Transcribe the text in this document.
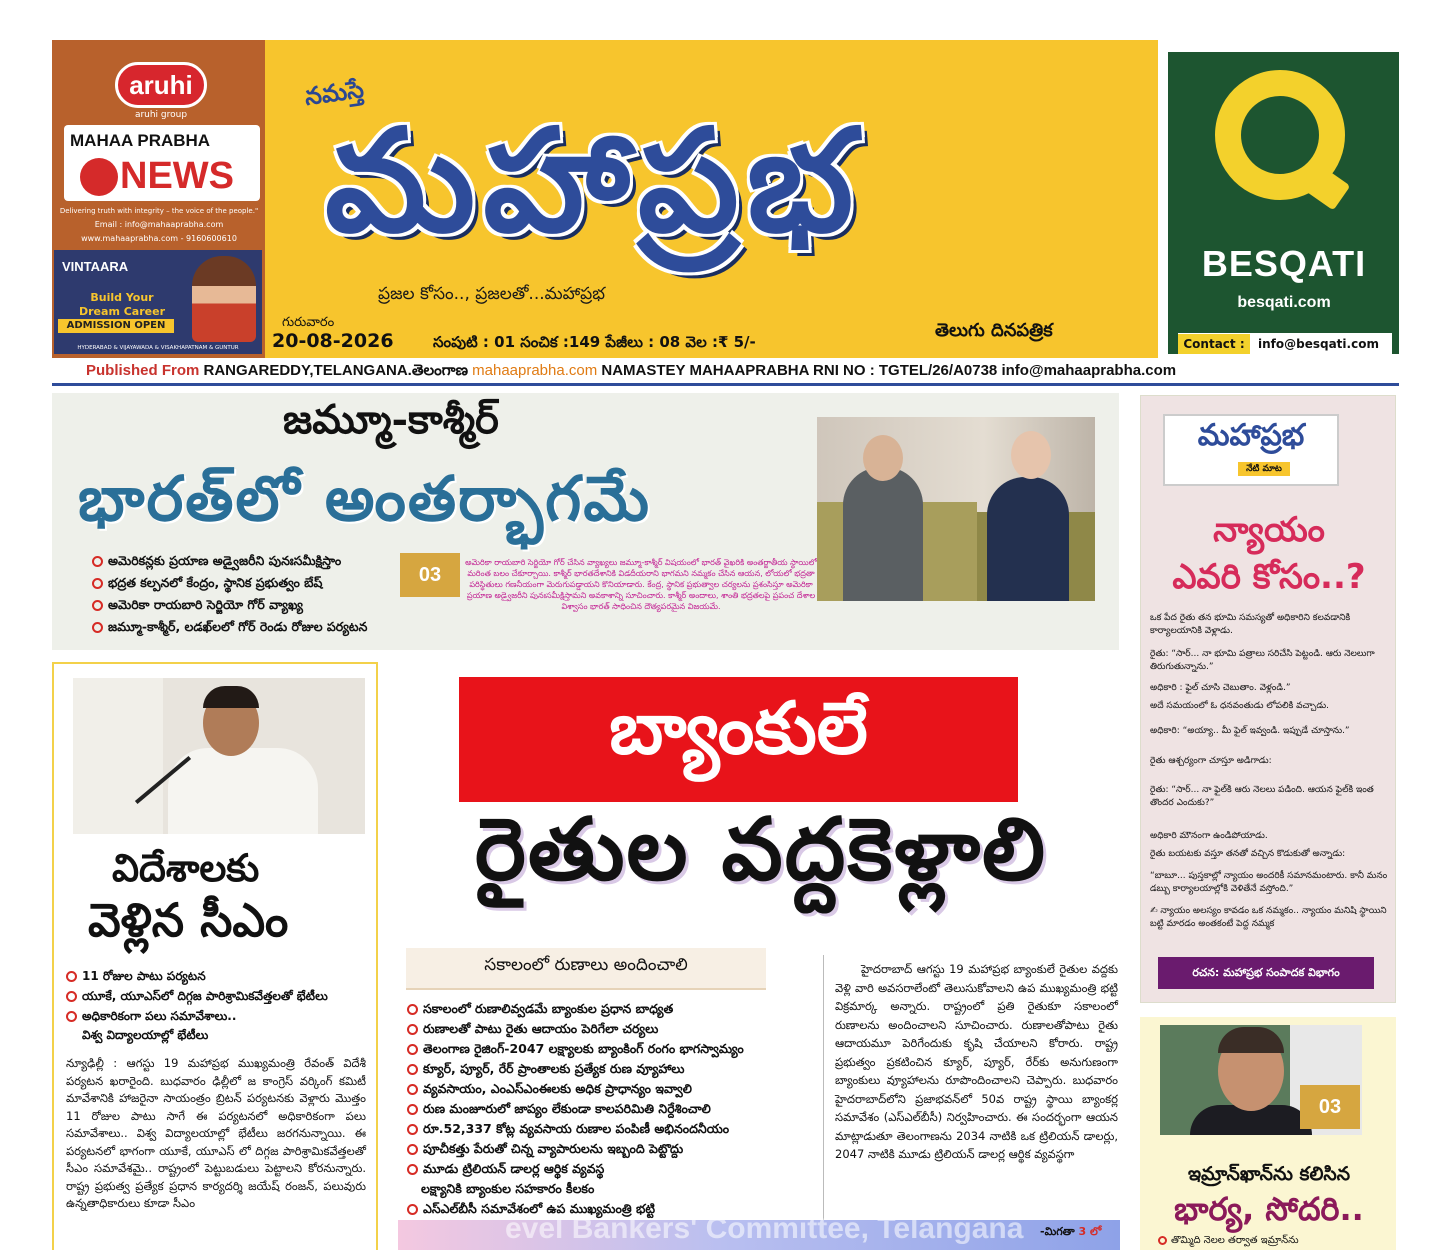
aruhi
aruhi group
MAHAA PRABHA
NEWS
Delivering truth with integrity – the voice of the people."
Email : info@mahaaprabha.com
www.mahaaprabha.com - 9160600610
VINTAARA
Build Your
Dream Career
ADMISSION OPEN
HYDERABAD & VIJAYAWADA & VISAKHAPATNAM & GUNTUR
నమస్తే
మహాప్రభ
ప్రజల కోసం.., ప్రజలతో...మహాప్రభ
గురువారం
20-08-2026	సంపుటి : 01 సంచిక :149 పేజీలు : 08 వెల :₹ 5/-
తెలుగు దినపత్రిక
BESQATI
besqati.com
Contact :	info@besqati.com
Published From RANGAREDDY,TELANGANA.తెలంగాణ mahaaprabha.com NAMASTEY MAHAAPRABHA RNI NO : TGTEL/26/A0738 info@mahaaprabha.com
జమ్మూ-కాశ్మీర్
భారత్‌లో అంతర్భాగమే
అమెరికన్లకు ప్రయాణ అడ్వైజరీని పునఃసమీక్షిస్తాం
భద్రత కల్పనలో కేంద్రం, స్థానిక ప్రభుత్వం బేష్
అమెరికా రాయబారి సెర్జియో గోర్ వ్యాఖ్య
జమ్మూ-కాశ్మీర్, లడఖ్‌లలో గోర్ రెండు రోజుల పర్యటన
03
అమెరికా రాయబారి సెర్జియో గోర్ చేసిన వ్యాఖ్యలు జమ్మూ-కాశ్మీర్ విషయంలో భారత్ వైఖరికి అంతర్జాతీయ స్థాయిలో మరింత బలం చేకూర్చాయి. కాశ్మీర్ భారతదేశానికి విడదీయరాని భాగమని నమ్మకం చేసిన ఆయన, లోయలో భద్రతా పరిస్థితులు గణనీయంగా మెరుగుపడ్డాయని కొనియాడారు. కేంద్ర, స్థానిక ప్రభుత్వాల చర్యలను ప్రశంసిస్తూ అమెరికా ప్రయాణ అడ్వైజరీని పునఃసమీక్షిస్తామని అవకాశాన్ని సూచించారు. కాశ్మీర్ అందాలు, శాంతి భద్రతలపై ప్రపంచ దేశాల విశ్వాసం భారత్ సాధించిన దౌత్యపరమైన విజయమే.
మహాప్రభ
నేటి మాట
న్యాయం
ఎవరి కోసం..?
ఒక పేద రైతు తన భూమి సమస్యతో అధికారిని కలవడానికి కార్యాలయానికి వెళ్లాడు.
రైతు: “సార్... నా భూమి పత్రాలు సరిచేసి పెట్టండి. ఆరు నెలలుగా తిరుగుతున్నాను.”
అధికారి : ఫైల్ చూసి చెబుతాం. వెళ్లండి.”
అదే సమయంలో ఓ ధనవంతుడు లోపలికి వచ్చాడు.
అధికారి: “అయ్యా.. మీ ఫైల్ ఇవ్వండి. ఇప్పుడే చూస్తాను.”
రైతు ఆశ్చర్యంగా చూస్తూ అడిగాడు:
రైతు: “సార్... నా ఫైల్‌కి ఆరు నెలలు పడింది. ఆయన ఫైల్‌కి ఇంత తొందర ఎందుకు?”
అధికారి మౌనంగా ఉండిపోయాడు.
రైతు బయటకు వస్తూ తనతో వచ్చిన కొడుకుతో అన్నాడు:
“బాబూ... పుస్తకాల్లో న్యాయం అందరికీ సమానమంటారు. కానీ మనం డబ్బు కార్యాలయాల్లోకి వెళితేనే వస్తోంది.”
✍ న్యాయం అలస్యం కావడం ఒక నమ్మకం.. న్యాయం మనిషి స్థాయిని బట్టి మారడం అంతకంటే పెద్ద నమ్మక
రచన: మహాప్రభ సంపాదక విభాగం
విదేశాలకు
వెళ్లిన సీఎం
11 రోజుల పాటు పర్యటన
యూకే, యూఎస్‌లో దిగ్గజ పారిశ్రామికవేత్తలతో భేటీలు
అధికారికంగా పలు సమావేశాలు..
విశ్వ విద్యాలయాల్లో భేటీలు
న్యూఢిల్లీ : ఆగస్టు 19 మహాప్రభ ముఖ్యమంత్రి రేవంత్ విదేశీ పర్యటన ఖరారైంది. బుధవారం ఢిల్లీలో జ కాంగ్రెస్ వర్కింగ్ కమిటీ మావేశానికి హాజరైనా సాయంత్రం బ్రిటన్ పర్యటనకు వెళ్లారు మొత్తం 11 రోజుల పాటు సాగే ఈ పర్యటనలో అధికారికంగా పలు సమావేశాలు.. విశ్వ విద్యాలయాల్లో భేటీలు జరగనున్నాయి. ఈ పర్యటనలో భాగంగా యూకే, యూఎస్ లో దిగ్గజ పారిశ్రామికవేత్తలతో సీఎం సమావేశమై.. రాష్ట్రంలో పెట్టుబడులు పెట్టాలని కోరనున్నారు. రాష్ట్ర ప్రభుత్వ ప్రత్యేక ప్రధాన కార్యదర్శి జయేష్ రంజన్, పలువురు ఉన్నతాధికారులు కూడా సీఎం
బ్యాంకులే
రైతుల వద్దకెళ్లాలి
సకాలంలో రుణాలు అందించాలి
సకాలంలో రుణాలివ్వడమే బ్యాంకుల ప్రధాన బాధ్యత
రుణాలతో పాటు రైతు ఆదాయం పెరిగేలా చర్యలు
తెలంగాణ రైజింగ్-2047 లక్ష్యాలకు బ్యాంకింగ్ రంగం భాగస్వామ్యం
క్యూర్, ప్యూర్, రేర్ ప్రాంతాలకు ప్రత్యేక రుణ వ్యూహాలు
వ్యవసాయం, ఎంఎస్‌ఎంఈలకు అధిక ప్రాధాన్యం ఇవ్వాలి
రుణ మంజూరులో జాప్యం లేకుండా కాలపరిమితి నిర్దేశించాలి
రూ.52,337 కోట్ల వ్యవసాయ రుణాల పంపిణీ అభినందనీయం
పూచీకత్తు పేరుతో చిన్న వ్యాపారులను ఇబ్బంది పెట్టొద్దు
మూడు ట్రిలియన్ డాలర్ల ఆర్థిక వ్యవస్థ
లక్ష్యానికి బ్యాంకుల సహకారం కీలకం
ఎస్‌ఎల్‌బీసీ సమావేశంలో ఉప ముఖ్యమంత్రి భట్టి
హైదరాబాద్ ఆగస్టు 19 మహాప్రభ బ్యాంకులే రైతుల వద్దకు వెళ్లి వారి అవసరాలేంటో తెలుసుకోవాలని ఉప ముఖ్యమంత్రి భట్టి విక్రమార్క అన్నారు. రాష్ట్రంలో ప్రతి రైతుకూ సకాలంలో రుణాలను అందించాలని సూచించారు. రుణాలతోపాటు రైతు ఆదాయమూ పెరిగేందుకు కృషి చేయాలని కోరారు. రాష్ట్ర ప్రభుత్వం ప్రకటించిన క్యూర్, ప్యూర్, రేర్‌కు అనుగుణంగా బ్యాంకులు వ్యూహాలను రూపొందించాలని చెప్పారు. బుధవారం హైదరాబాద్‌లోని ప్రజాభవన్‌లో 50వ రాష్ట్ర స్థాయి బ్యాంకర్ల సమావేశం (ఎస్‌ఎల్‌బీసీ) నిర్వహించారు. ఈ సందర్భంగా ఆయన మాట్లాడుతూ తెలంగాణను 2034 నాటికి ఒక ట్రిలియన్ డాలర్లు, 2047 నాటికి మూడు ట్రిలియన్ డాలర్ల ఆర్థిక వ్యవస్థగా
evel Bankers' Committee, Telangana -మిగతా 3 లో
03
ఇమ్రాన్‌ఖాన్‌ను కలిసిన
భార్య, సోదరి..
తొమ్మిది నెలల తర్వాత ఇమ్రాన్‌ను
